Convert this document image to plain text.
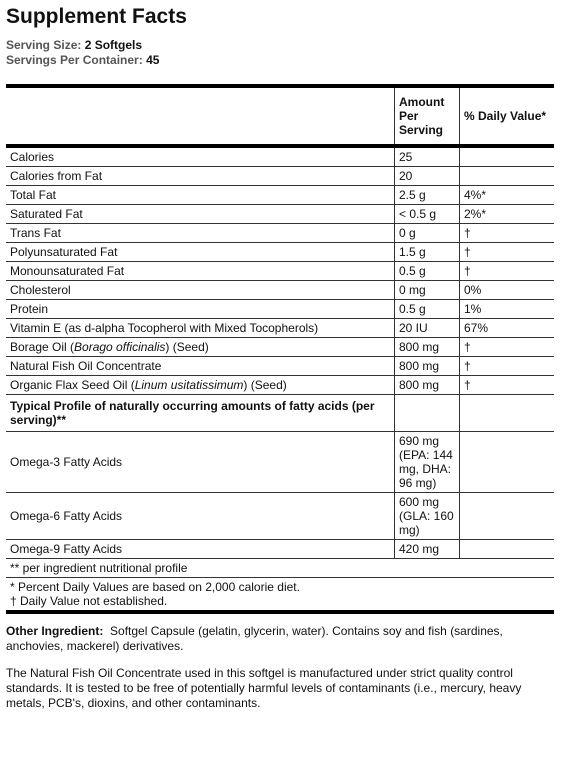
Supplement Facts
Serving Size: 2 Softgels
Servings Per Container: 45
	Amount Per Serving	% Daily Value*
Calories	25	
Calories from Fat	20	
Total Fat	2.5 g	4%*
Saturated Fat	< 0.5 g	2%*
Trans Fat	0 g	†
Polyunsaturated Fat	1.5 g	†
Monounsaturated Fat	0.5 g	†
Cholesterol	0 mg	0%
Protein	0.5 g	1%
Vitamin E (as d-alpha Tocopherol with Mixed Tocopherols)	20 IU	67%
Borage Oil (Borago officinalis) (Seed)	800 mg	†
Natural Fish Oil Concentrate	800 mg	†
Organic Flax Seed Oil (Linum usitatissimum) (Seed)	800 mg	†
Typical Profile of naturally occurring amounts of fatty acids (per serving)**		
Omega-3 Fatty Acids	690 mg (EPA: 144 mg, DHA: 96 mg)	
Omega-6 Fatty Acids	600 mg (GLA: 160 mg)	
Omega-9 Fatty Acids	420 mg	
** per ingredient nutritional profile		

* Percent Daily Values are based on 2,000 calorie diet.
† Daily Value not established.		
Other Ingredient: Softgel Capsule (gelatin, glycerin, water). Contains soy and fish (sardines, anchovies, mackerel) derivatives.
The Natural Fish Oil Concentrate used in this softgel is manufactured under strict quality control standards. It is tested to be free of potentially harmful levels of contaminants (i.e., mercury, heavy metals, PCB's, dioxins, and other contaminants.
